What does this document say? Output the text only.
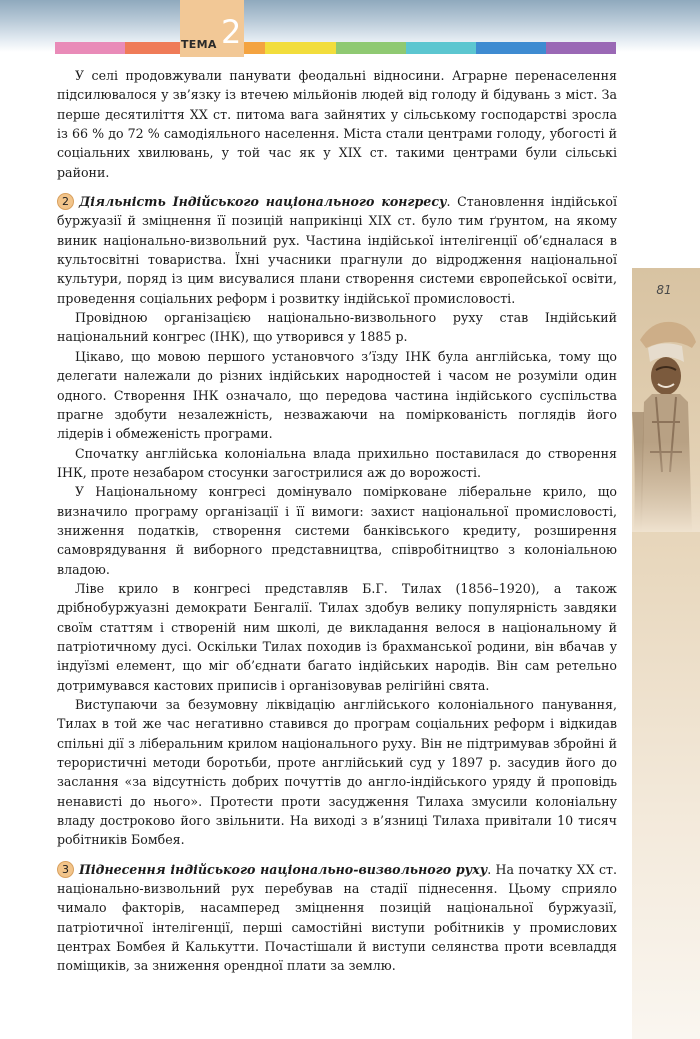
ТЕМА 2
81

У селі продовжували панувати феодальні відносини. Аграрне перенаселення підсилювалося у зв’язку із втечею мільйонів людей від голоду й бідувань з міст. За перше десятиліття ХХ ст. питома вага зайнятих у сільському господарстві зросла із 66 % до 72 % самодіяльного населення. Міста стали центрами голоду, убогості й соціальних хвилювань, у той час як у ХІХ ст. такими центрами були сільські райони.

2 Діяльність Індійського національного конгресу. Становлення індійської буржуазії й зміцнення її позицій наприкінці ХІХ ст. було тим ґрунтом, на якому виник національно-визвольний рух. Частина індійської інтелігенції об’єдналася в культосвітні товариства. Їхні учасники прагнули до відродження національної культури, поряд із цим висувалися плани створення системи європейської освіти, проведення соціальних реформ і розвитку індійської промисловості.

Провідною організацією національно-визвольного руху став Індійський національний конгрес (ІНК), що утворився у 1885 р.

Цікаво, що мовою першого установчого з’їзду ІНК була англійська, тому що делегати належали до різних індійських народностей і часом не розуміли один одного. Створення ІНК означало, що передова частина індійського суспільства прагне здобути незалежність, незважаючи на поміркованість поглядів його лідерів і обмеженість програми.

Спочатку англійська колоніальна влада прихильно поставилася до створення ІНК, проте незабаром стосунки загострилися аж до ворожості.

У Національному конгресі домінувало помірковане ліберальне крило, що визначило програму організації і її вимоги: захист національної промисловості, зниження податків, створення системи банківського кредиту, розширення самоврядування й виборного представництва, співробітництво з колоніальною владою.

Ліве крило в конгресі представляв Б.Г. Тилах (1856–1920), а також дрібнобуржуазні демократи Бенгалії. Тилах здобув велику популярність завдяки своїм статтям і створеній ним школі, де викладання велося в національному й патріотичному дусі. Оскільки Тилах походив із брахманської родини, він вбачав у індуїзмі елемент, що міг об’єднати багато індійських народів. Він сам ретельно дотримувався кастових приписів і організовував релігійні свята.

Виступаючи за безумовну ліквідацію англійського колоніального панування, Тилах в той же час негативно ставився до програм соціальних реформ і відкидав спільні дії з ліберальним крилом національного руху. Він не підтримував збройні й терористичні методи боротьби, проте англійський суд у 1897 р. засудив його до заслання «за відсутність добрих почуттів до англо-індійського уряду й проповідь ненависті до нього». Протести проти засудження Тилаха змусили колоніальну владу достроково його звільнити. На виході з в’язниці Тилаха привітали 10 тисяч робітників Бомбея.

3 Піднесення індійського національно-визвольного руху. На початку ХХ ст. національно-визвольний рух перебував на стадії піднесення. Цьому сприяло чимало факторів, насамперед зміцнення позицій національної буржуазії, патріотичної інтелігенції, перші самостійні виступи робітників у промислових центрах Бомбея й Калькутти. Почастішали й виступи селянства проти всевладдя поміщиків, за зниження орендної плати за землю.
